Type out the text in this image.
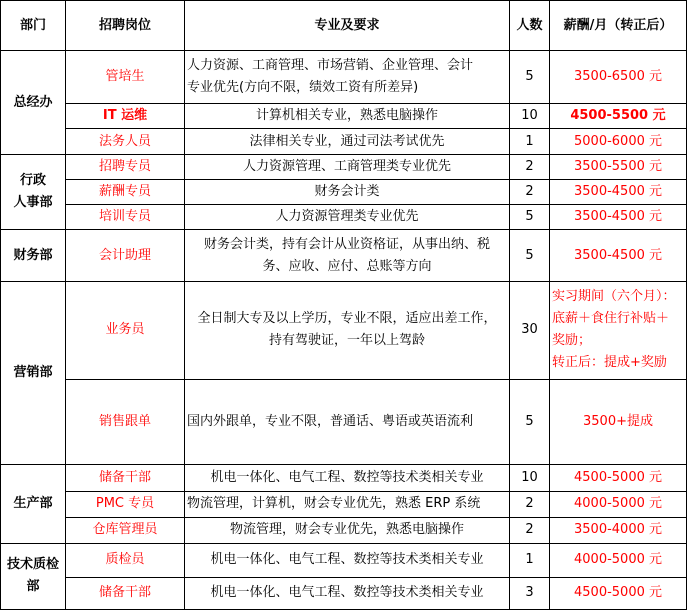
部门	招聘岗位	专业及要求	人数	薪酬/月（转正后）
总经办	管培生	人力资源、工商管理、市场营销、企业管理、会计
专业优先(方向不限，绩效工资有所差异)	5	3500-6500 元
	IT 运维	计算机相关专业，熟悉电脑操作	10	4500-5500 元
	法务人员	法律相关专业，通过司法考试优先	1	5000-6000 元

行政
人事部	招聘专员	人力资源管理、工商管理类专业优先	2	3500-5500 元
	薪酬专员	财务会计类	2	3500-4500 元
	培训专员	人力资源管理类专业优先	5	3500-4500 元
财务部	会计助理	财务会计类，持有会计从业资格证，从事出纳、税
务、应收、应付、总账等方向	5	3500-4500 元
营销部	业务员	全日制大专及以上学历，专业不限，适应出差工作，
持有驾驶证，一年以上驾龄	30	实习期间（六个月）：
底薪＋食住行补贴＋
奖励；
转正后：提成+奖励

	销售跟单	国内外跟单，专业不限，普通话、粤语或英语流利	5	3500+提成
生产部	储备干部	机电一体化、电气工程、数控等技术类相关专业	10	4500-5000 元
	PMC 专员	物流管理，计算机，财会专业优先，熟悉 ERP 系统	2	4000-5000 元
	仓库管理员	物流管理，财会专业优先，熟悉电脑操作	2	3500-4000 元

技术质检
部	质检员	机电一体化、电气工程、数控等技术类相关专业	1	4000-5000 元
	储备干部	机电一体化、电气工程、数控等技术类相关专业	3	4500-5000 元
